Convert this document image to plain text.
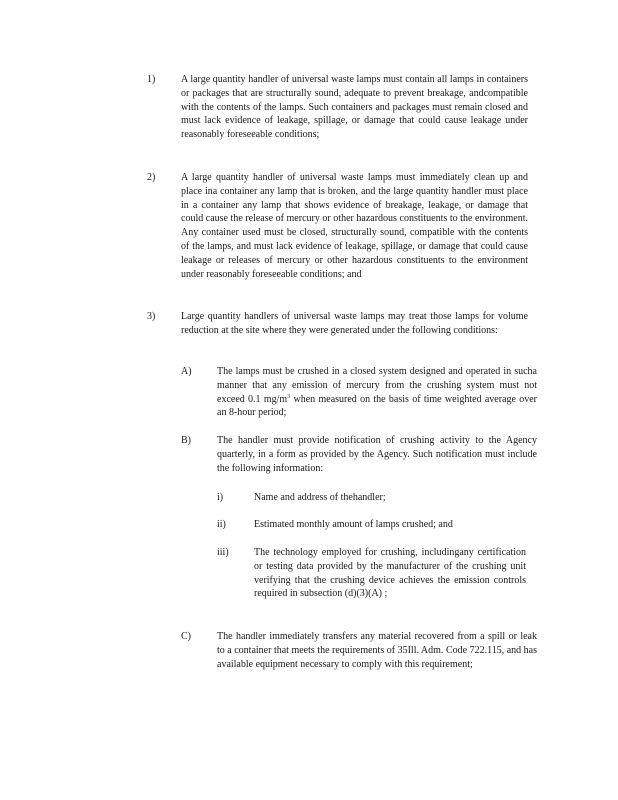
1)	A large quantity handler of universal waste lamps must contain all lamps in containers or packages that are structurally sound, adequate to prevent breakage, andcompatible with the contents of the lamps. Such containers and packages must remain closed and must lack evidence of leakage, spillage, or damage that could cause leakage under reasonably foreseeable conditions;
2)	A large quantity handler of universal waste lamps must immediately clean up and place ina container any lamp that is broken, and the large quantity handler must place in a container any lamp that shows evidence of breakage, leakage, or damage that could cause the release of mercury or other hazardous constituents to the environment. Any container used must be closed, structurally sound, compatible with the contents of the lamps, and must lack evidence of leakage, spillage, or damage that could cause leakage or releases of mercury or other hazardous constituents to the environment under reasonably foreseeable conditions; and
3)	Large quantity handlers of universal waste lamps may treat those lamps for volume reduction at the site where they were generated under the following conditions:
A)	The lamps must be crushed in a closed system designed and operated in sucha manner that any emission of mercury from the crushing system must not exceed 0.1 $mg/m^3$ when measured on the basis of time weighted average over an 8-hour period;
B)	The handler must provide notification of crushing activity to the Agency quarterly, in a form as provided by the Agency. Such notification must include the following information:
i)	Name and address of thehandler;
ii)	Estimated monthly amount of lamps crushed; and
iii)	The technology employed for crushing, includingany certification or testing data provided by the manufacturer of the crushing unit verifying that the crushing device achieves the emission controls required in subsection (d)(3)(A) ;
C)	The handler immediately transfers any material recovered from a spill or leak to a container that meets the requirements of 35Ill. Adm. Code 722.115, and has available equipment necessary to comply with this requirement;
